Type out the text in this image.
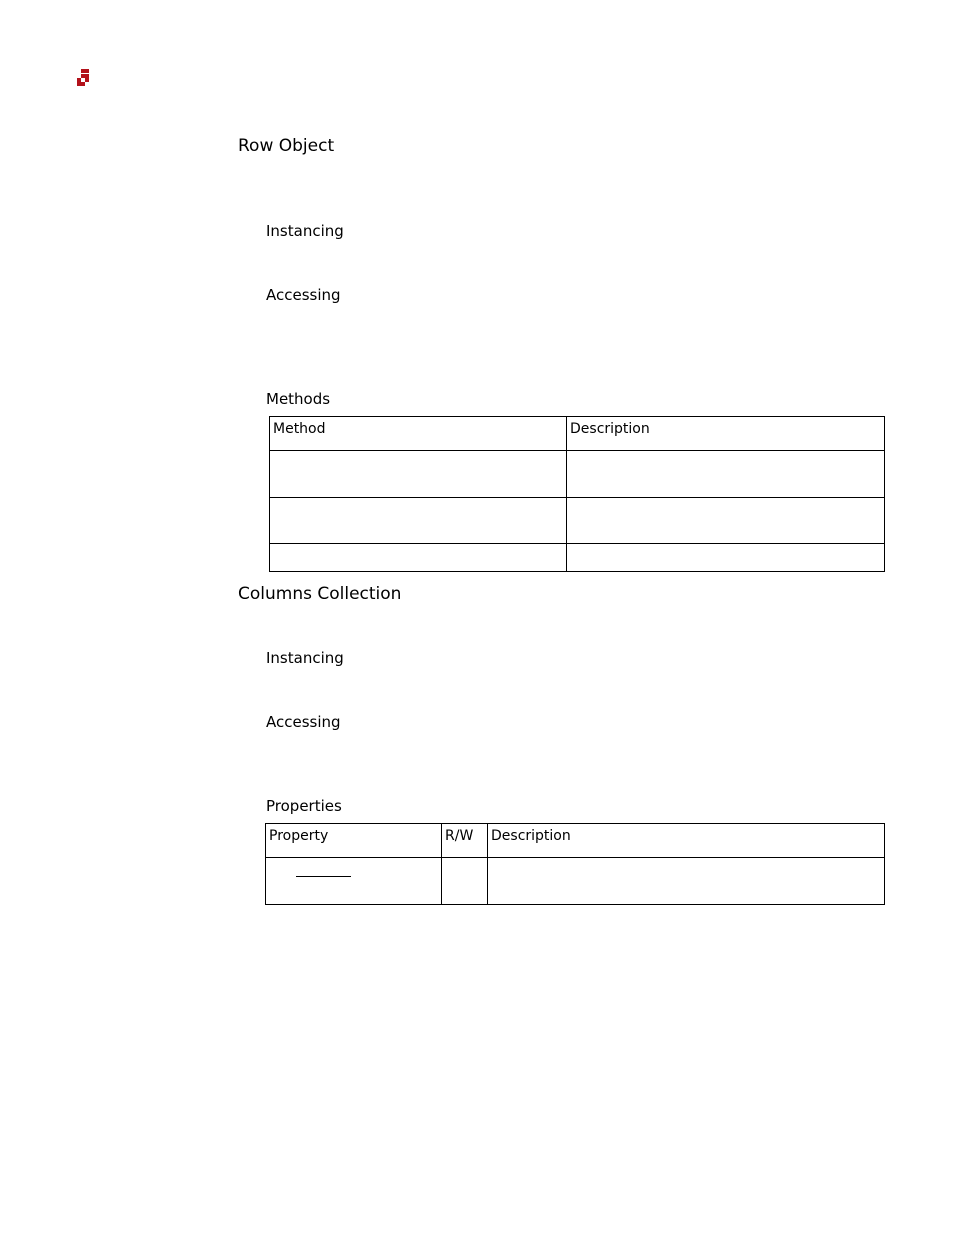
Row Object
Instancing
Accessing
Methods
Method	Description

Columns Collection
Instancing
Accessing
Properties
Property	R/W	Description
